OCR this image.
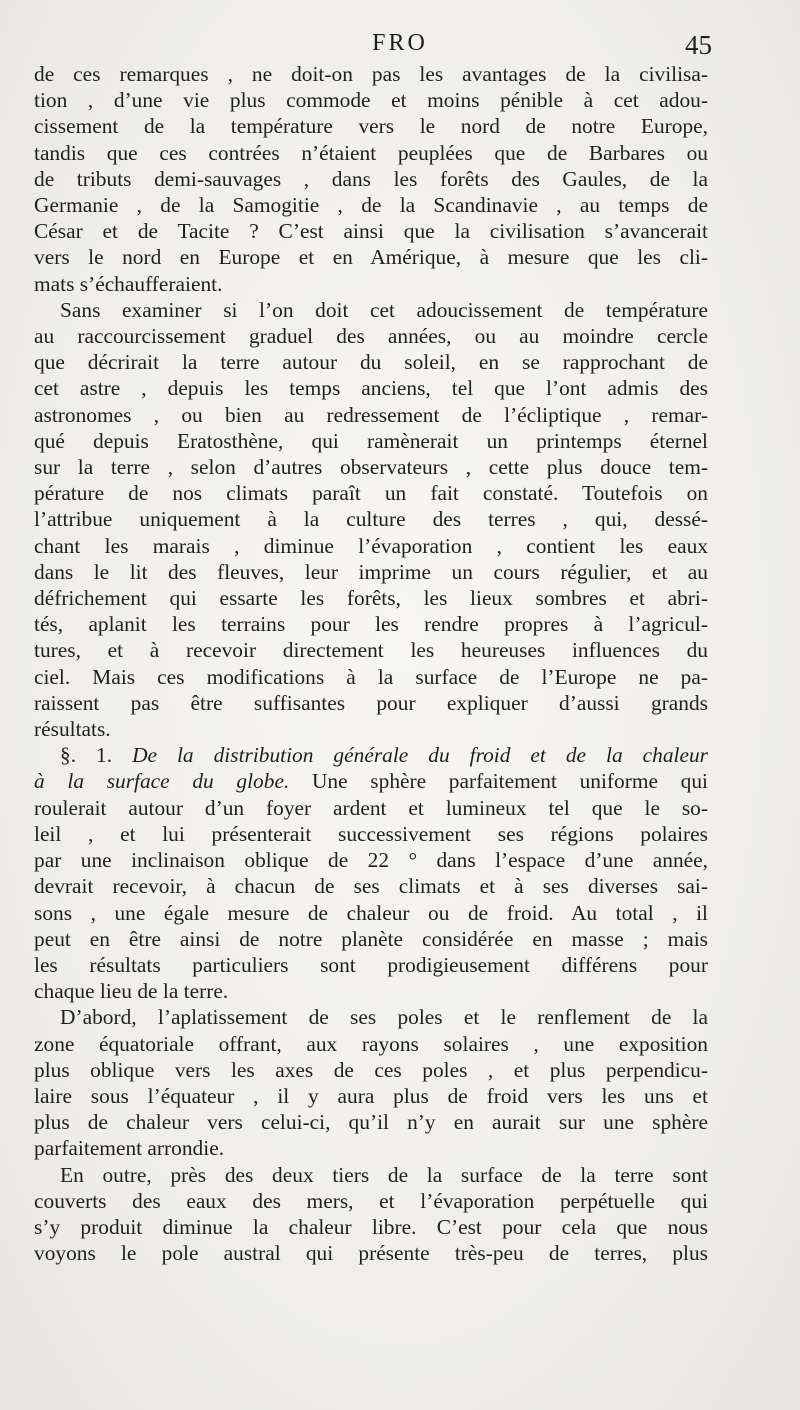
FRO	45

de ces remarques , ne doit-on pas les avantages de la civilisa-
tion , d’une vie plus commode et moins pénible à cet adou-
cissement de la température vers le nord de notre Europe,
tandis que ces contrées n’étaient peuplées que de Barbares ou
de tributs demi-sauvages , dans les forêts des Gaules, de la
Germanie , de la Samogitie , de la Scandinavie , au temps de
César et de Tacite ? C’est ainsi que la civilisation s’avancerait
vers le nord en Europe et en Amérique, à mesure que les cli-
mats s’échaufferaient.

Sans examiner si l’on doit cet adoucissement de température
au raccourcissement graduel des années, ou au moindre cercle
que décrirait la terre autour du soleil, en se rapprochant de
cet astre , depuis les temps anciens, tel que l’ont admis des
astronomes , ou bien au redressement de l’écliptique , remar-
qué depuis Eratosthène, qui ramènerait un printemps éternel
sur la terre , selon d’autres observateurs , cette plus douce tem-
pérature de nos climats paraît un fait constaté. Toutefois on
l’attribue uniquement à la culture des terres , qui, dessé-
chant les marais , diminue l’évaporation , contient les eaux
dans le lit des fleuves, leur imprime un cours régulier, et au
défrichement qui essarte les forêts, les lieux sombres et abri-
tés, aplanit les terrains pour les rendre propres à l’agricul-
tures, et à recevoir directement les heureuses influences du
ciel. Mais ces modifications à la surface de l’Europe ne pa-
raissent pas être suffisantes pour expliquer d’aussi grands
résultats.

§. 1. De la distribution générale du froid et de la chaleur
à la surface du globe. Une sphère parfaitement uniforme qui
roulerait autour d’un foyer ardent et lumineux tel que le so-
leil , et lui présenterait successivement ses régions polaires
par une inclinaison oblique de 22 ° dans l’espace d’une année,
devrait recevoir, à chacun de ses climats et à ses diverses sai-
sons , une égale mesure de chaleur ou de froid. Au total , il
peut en être ainsi de notre planète considérée en masse ; mais
les résultats particuliers sont prodigieusement différens pour
chaque lieu de la terre.

D’abord, l’aplatissement de ses poles et le renflement de la
zone équatoriale offrant, aux rayons solaires , une exposition
plus oblique vers les axes de ces poles , et plus perpendicu-
laire sous l’équateur , il y aura plus de froid vers les uns et
plus de chaleur vers celui-ci, qu’il n’y en aurait sur une sphère
parfaitement arrondie.

En outre, près des deux tiers de la surface de la terre sont
couverts des eaux des mers, et l’évaporation perpétuelle qui
s’y produit diminue la chaleur libre. C’est pour cela que nous
voyons le pole austral qui présente très-peu de terres, plus
